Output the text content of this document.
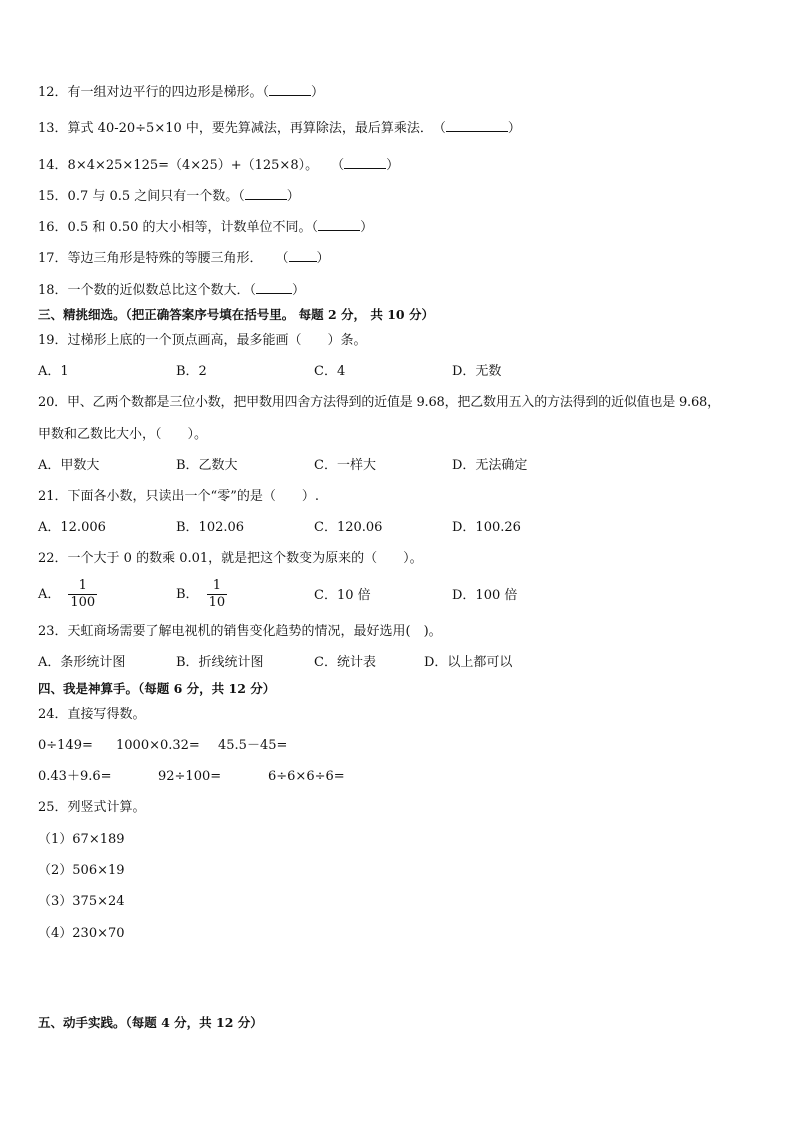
12．有一组对边平行的四边形是梯形。（	）
13．算式 40-20÷5×10 中，要先算减法，再算除法，最后算乘法．　（	）
14．8×4×25×125=（4×25）+（125×8）。　　（	）
15．0.7 与 0.5 之间只有一个数。（	）
16．0.5 和 0.50 的大小相等，计数单位不同。（	）
17．等边三角形是特殊的等腰三角形．　　（ ）
18．一个数的近似数总比这个数大．（	）
三、精挑细选。（把正确答案序号填在括号里。 每题 2 分， 共 10 分）
19．过梯形上底的一个顶点画高，最多能画（　　）条。
A．1	B．2	C．4	D．无数
20．甲、乙两个数都是三位小数，把甲数用四舍方法得到的近值是 9.68，把乙数用五入的方法得到的近似值也是 9.68，
甲数和乙数比大小，（　　）。
A．甲数大	B．乙数大	C．一样大	D．无法确定
21．下面各小数，只读出一个“零”的是（　　）.
A．12.006	B．102.06	C．120.06	D．100.26
22．一个大于 0 的数乘 0.01，就是把这个数变为原来的（　　）。
A． $\frac{1}{100}$	B． $\frac{1}{10}$	C．10 倍	D．100 倍
23．天虹商场需要了解电视机的销售变化趋势的情况，最好选用(　)。
A．条形统计图	B．折线统计图	C．统计表	D．以上都可以
四、我是神算手。（每题 6 分，共 12 分）
24．直接写得数。
0÷149= 1000×0.32= 45.5－45=
0.43＋9.6=	92÷100=	6÷6×6÷6=
25．列竖式计算。
（1）67×189
（2）506×19
（3）375×24
（4）230×70
五、动手实践。（每题 4 分，共 12 分）
